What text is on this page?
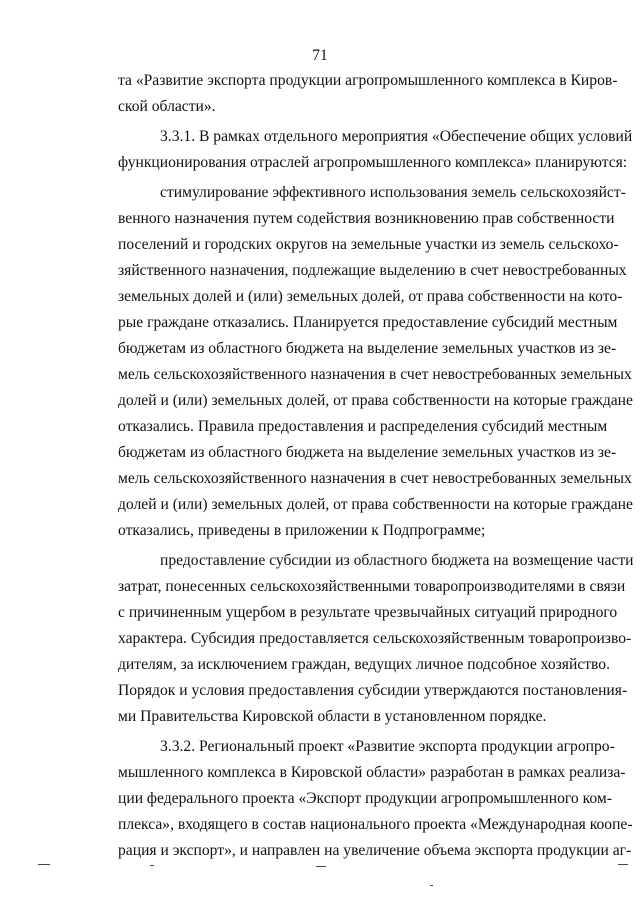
71
та «Развитие экспорта продукции агропромышленного комплекса в Киров-
ской области».
3.3.1. В рамках отдельного мероприятия «Обеспечение общих условий
функционирования отраслей агропромышленного комплекса» планируются:
стимулирование эффективного использования земель сельскохозяйст-
венного назначения путем содействия возникновению прав собственности
поселений и городских округов на земельные участки из земель сельскохо-
зяйственного назначения, подлежащие выделению в счет невостребованных
земельных долей и (или) земельных долей, от права собственности на кото-
рые граждане отказались. Планируется предоставление субсидий местным
бюджетам из областного бюджета на выделение земельных участков из зе-
мель сельскохозяйственного назначения в счет невостребованных земельных
долей и (или) земельных долей, от права собственности на которые граждане
отказались. Правила предоставления и распределения субсидий местным
бюджетам из областного бюджета на выделение земельных участков из зе-
мель сельскохозяйственного назначения в счет невостребованных земельных
долей и (или) земельных долей, от права собственности на которые граждане
отказались, приведены в приложении к Подпрограмме;
предоставление субсидии из областного бюджета на возмещение части
затрат, понесенных сельскохозяйственными товаропроизводителями в связи
с причиненным ущербом в результате чрезвычайных ситуаций природного
характера. Субсидия предоставляется сельскохозяйственным товаропроизво-
дителям, за исключением граждан, ведущих личное подсобное хозяйство.
Порядок и условия предоставления субсидии утверждаются постановления-
ми Правительства Кировской области в установленном порядке.
3.3.2. Региональный проект «Развитие экспорта продукции агропро-
мышленного комплекса в Кировской области» разработан в рамках реализа-
ции федерального проекта «Экспорт продукции агропромышленного ком-
плекса», входящего в состав национального проекта «Международная коопе-
рация и экспорт», и направлен на увеличение объема экспорта продукции аг-
